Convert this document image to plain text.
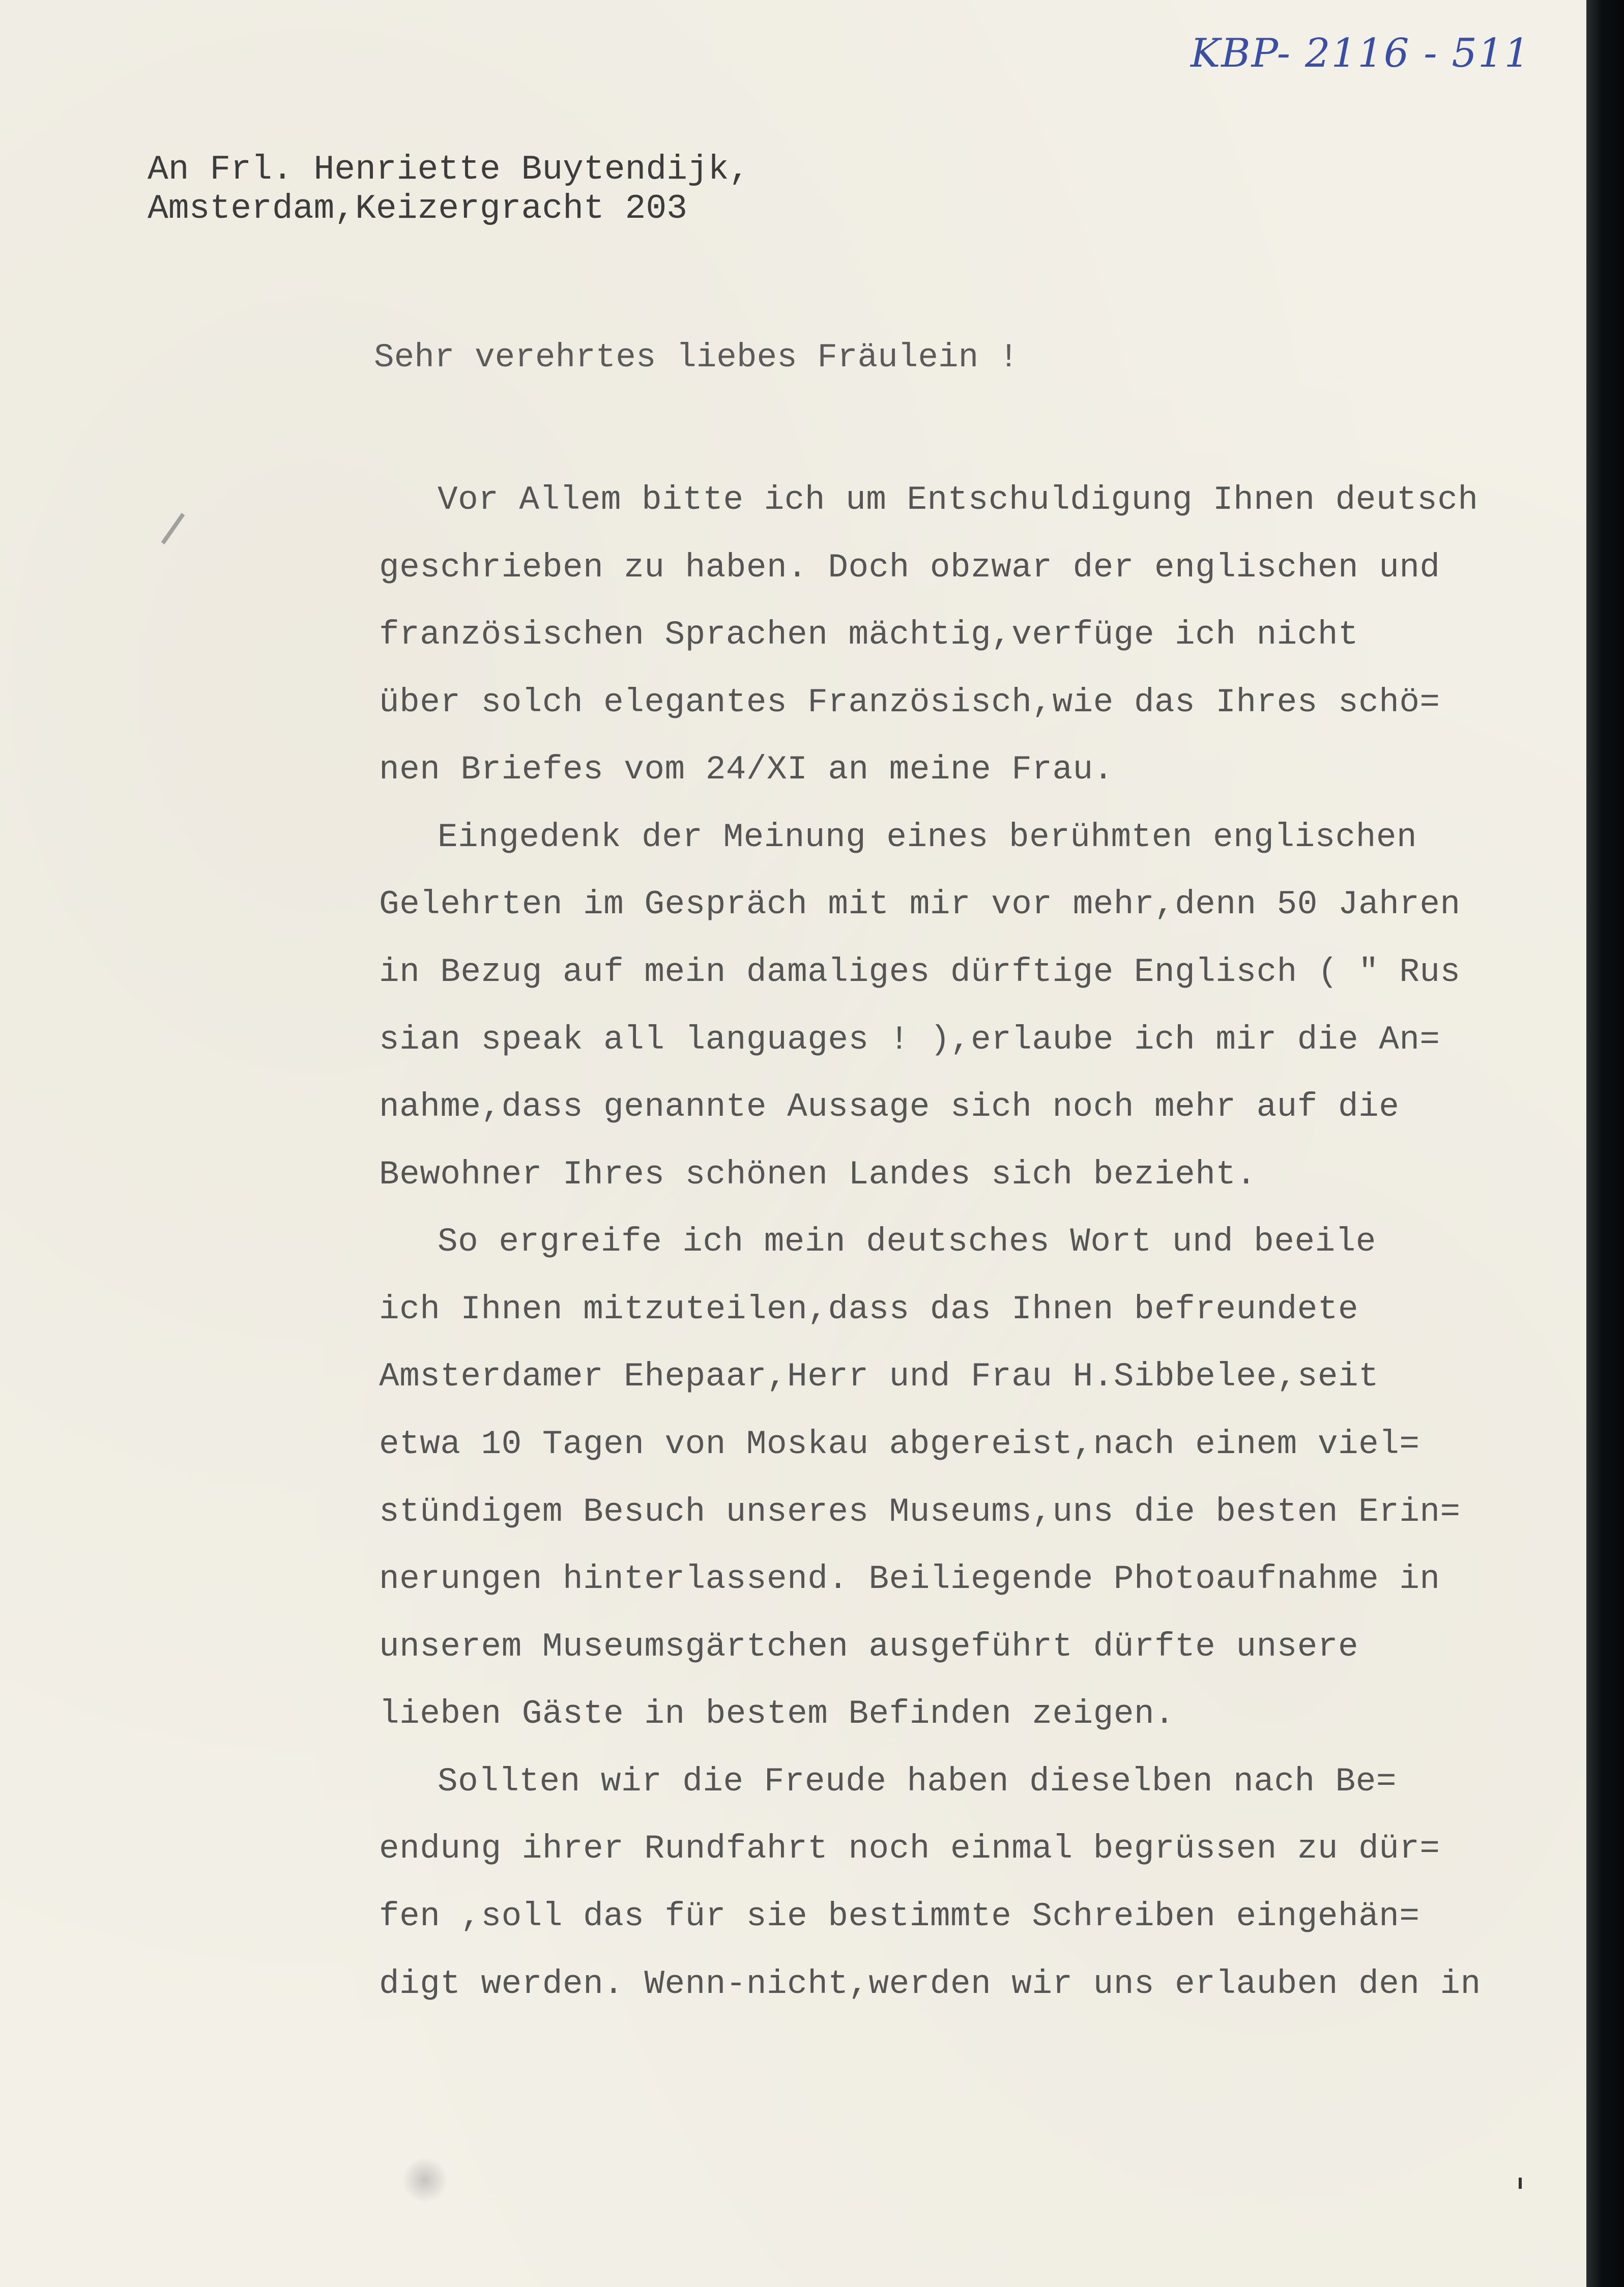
KBP- 2116 - 511
An Frl. Henriette Buytendijk,
Amsterdam,Keizergracht 203
Sehr verehrtes liebes Fräulein !
Vor Allem bitte ich um Entschuldigung Ihnen deutsch
geschrieben zu haben. Doch obzwar der englischen und
französischen Sprachen mächtig,verfüge ich nicht
über solch elegantes Französisch,wie das Ihres schö=
nen Briefes vom 24/XI an meine Frau.
Eingedenk der Meinung eines berühmten englischen
Gelehrten im Gespräch mit mir vor mehr,denn 50 Jahren
in Bezug auf mein damaliges dürftige Englisch ( " Rus
sian speak all languages ! ),erlaube ich mir die An=
nahme,dass genannte Aussage sich noch mehr auf die
Bewohner Ihres schönen Landes sich bezieht.
So ergreife ich mein deutsches Wort und beeile
ich Ihnen mitzuteilen,dass das Ihnen befreundete
Amsterdamer Ehepaar,Herr und Frau H.Sibbelee,seit
etwa 10 Tagen von Moskau abgereist,nach einem viel=
stündigem Besuch unseres Museums,uns die besten Erin=
nerungen hinterlassend. Beiliegende Photoaufnahme in
unserem Museumsgärtchen ausgeführt dürfte unsere
lieben Gäste in bestem Befinden zeigen.
Sollten wir die Freude haben dieselben nach Be=
endung ihrer Rundfahrt noch einmal begrüssen zu dür=
fen ,soll das für sie bestimmte Schreiben eingehän=
digt werden. Wenn-nicht,werden wir uns erlauben den in
